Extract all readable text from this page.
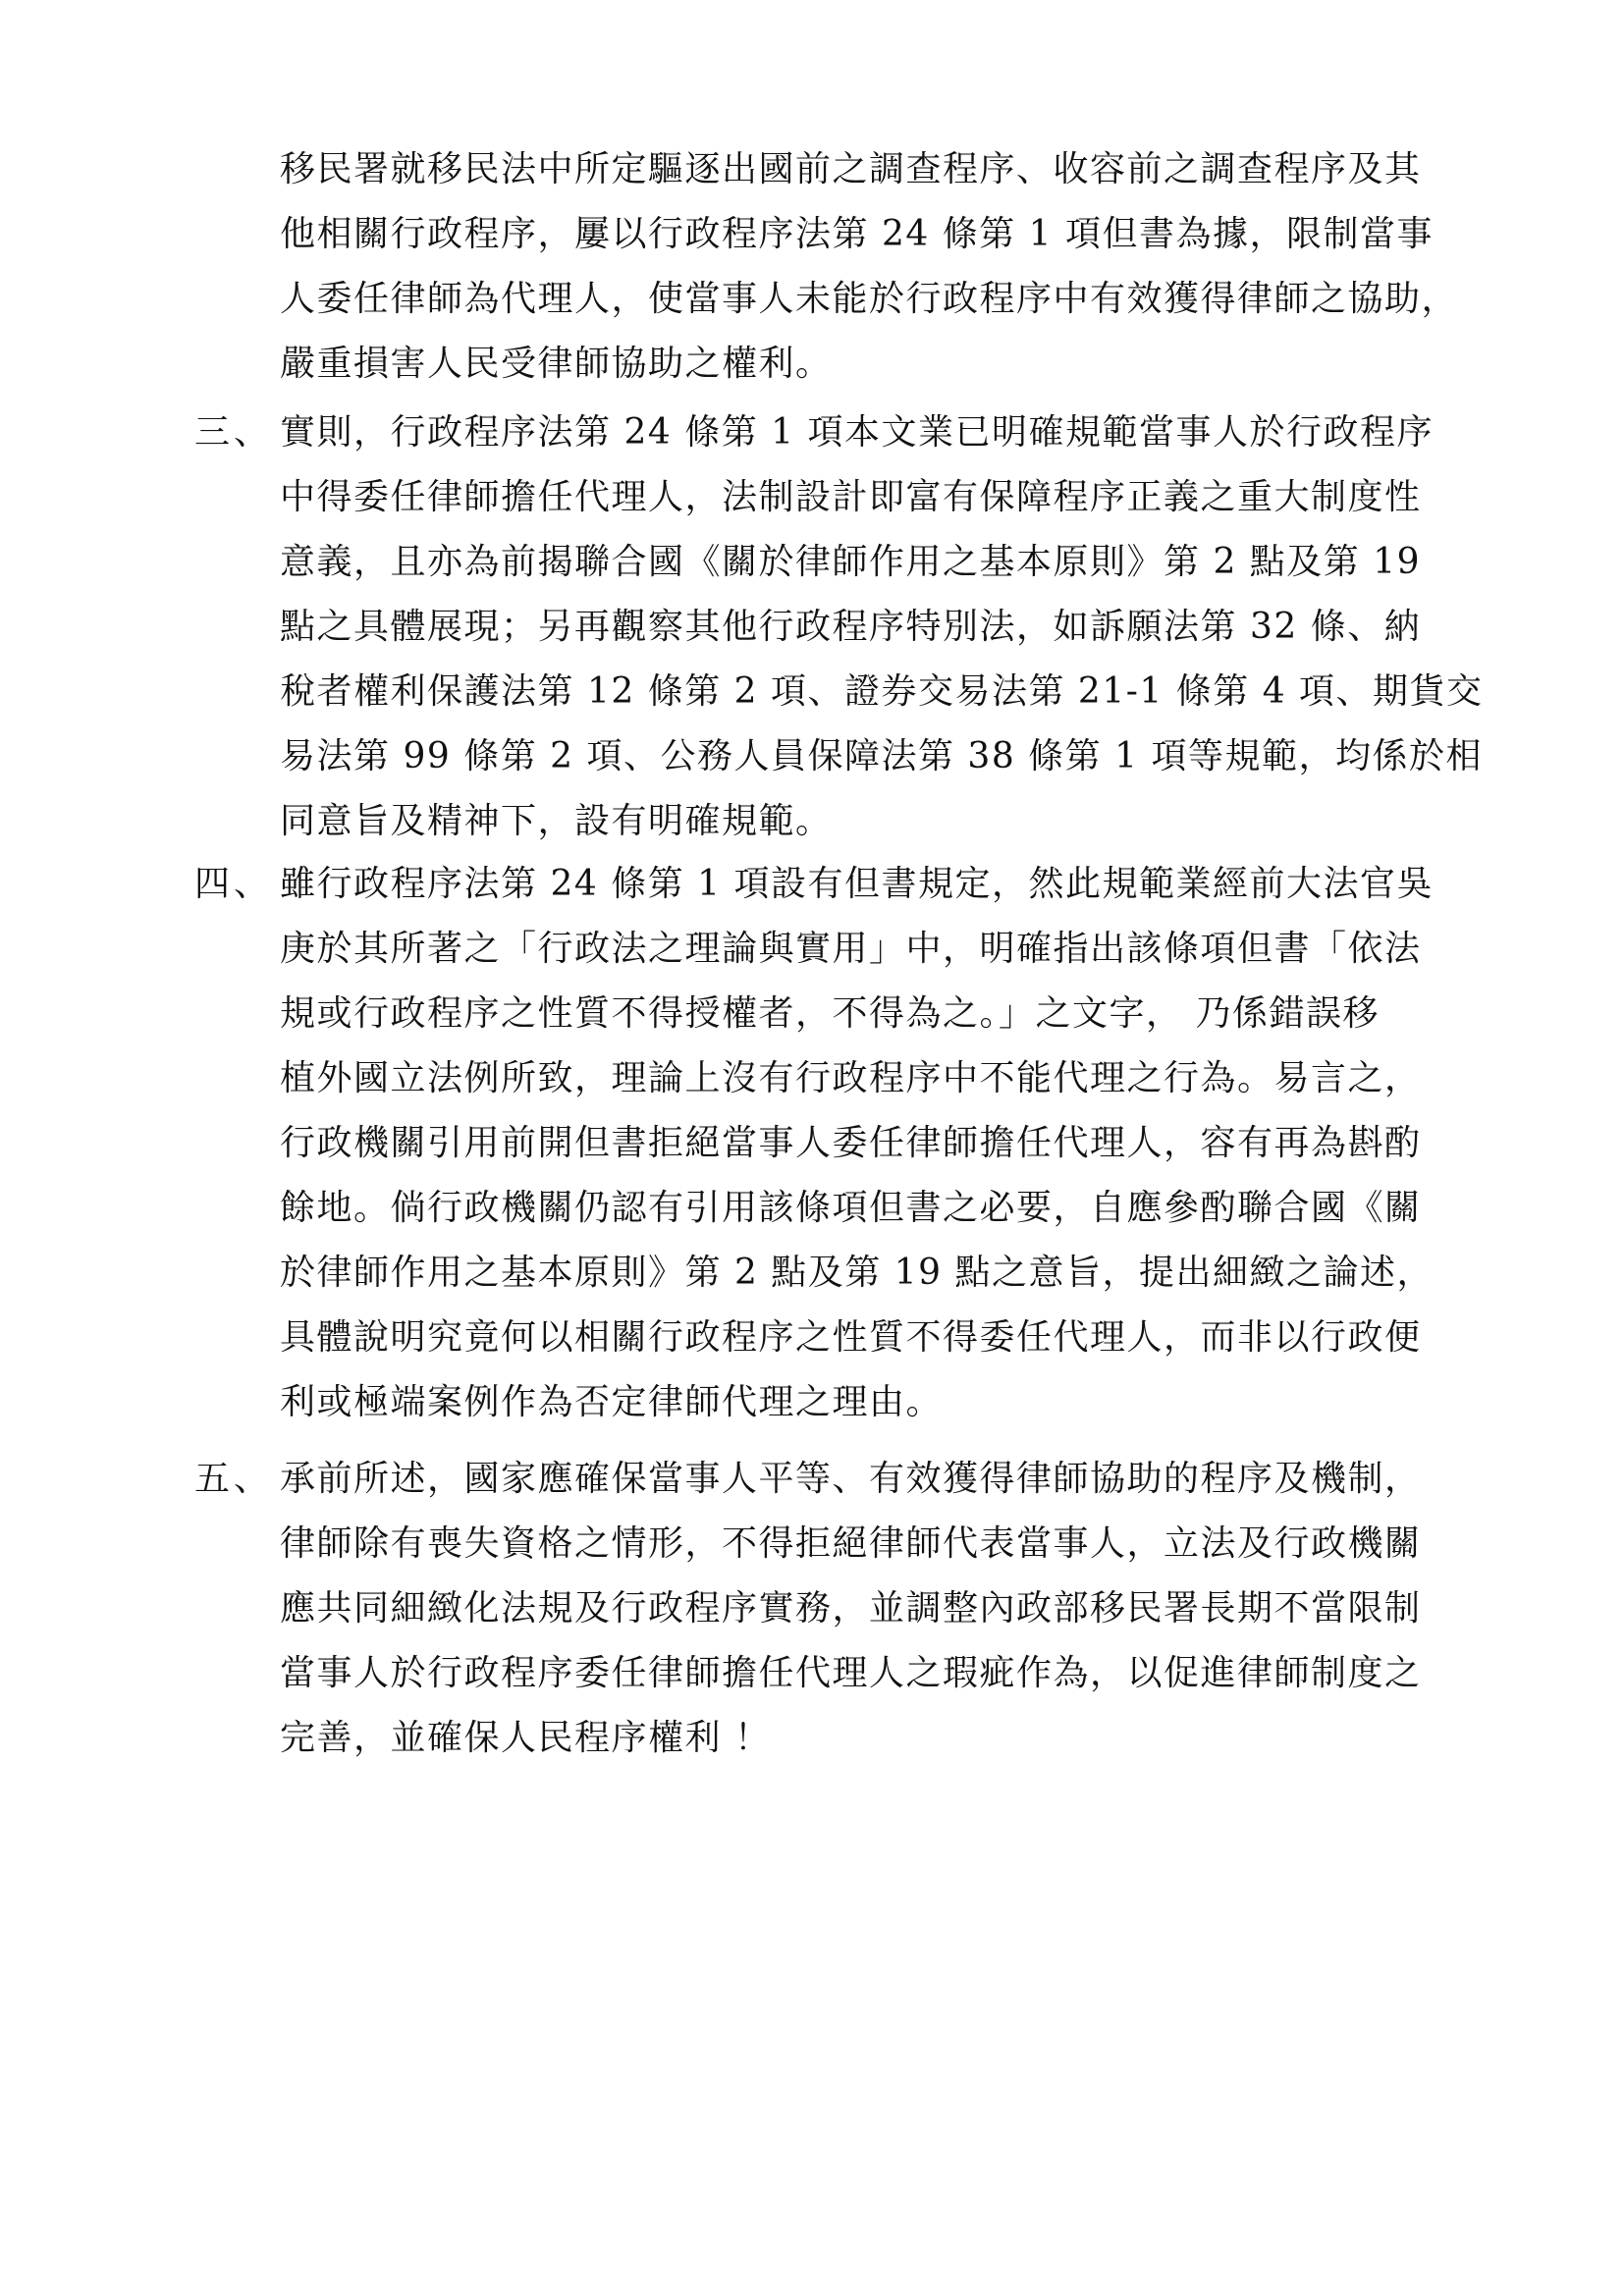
移民署就移民法中所定驅逐出國前之調查程序、收容前之調查程序及其
他相關行政程序，屢以行政程序法第 24 條第 1 項但書為據，限制當事
人委任律師為代理人，使當事人未能於行政程序中有效獲得律師之協助，
嚴重損害人民受律師協助之權利。
三、 實則，行政程序法第 24 條第 1 項本文業已明確規範當事人於行政程序
中得委任律師擔任代理人，法制設計即富有保障程序正義之重大制度性
意義，且亦為前揭聯合國《關於律師作用之基本原則》第 2 點及第 19
點之具體展現；另再觀察其他行政程序特別法，如訴願法第 32 條、納
稅者權利保護法第 12 條第 2 項、證券交易法第 21-1 條第 4 項、期貨交
易法第 99 條第 2 項、公務人員保障法第 38 條第 1 項等規範，均係於相
同意旨及精神下，設有明確規範。
四、 雖行政程序法第 24 條第 1 項設有但書規定，然此規範業經前大法官吳
庚於其所著之「行政法之理論與實用」中，明確指出該條項但書「依法
規或行政程序之性質不得授權者，不得為之。」之文字， 乃係錯誤移
植外國立法例所致，理論上沒有行政程序中不能代理之行為。易言之，
行政機關引用前開但書拒絕當事人委任律師擔任代理人，容有再為斟酌
餘地。倘行政機關仍認有引用該條項但書之必要，自應參酌聯合國《關
於律師作用之基本原則》第 2 點及第 19 點之意旨，提出細緻之論述，
具體說明究竟何以相關行政程序之性質不得委任代理人，而非以行政便
利或極端案例作為否定律師代理之理由。
五、 承前所述，國家應確保當事人平等、有效獲得律師協助的程序及機制，
律師除有喪失資格之情形，不得拒絕律師代表當事人，立法及行政機關
應共同細緻化法規及行政程序實務，並調整內政部移民署長期不當限制
當事人於行政程序委任律師擔任代理人之瑕疵作為，以促進律師制度之
完善，並確保人民程序權利 ！
